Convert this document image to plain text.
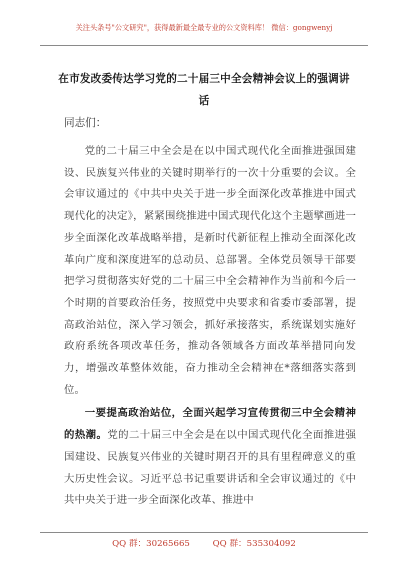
关注头条号"公文研究"，获得最新最全最专业的公文资料库！ 微信：gongwenyj
在市发改委传达学习党的二十届三中全会精神会议上的强调讲话
同志们：

党的二十届三中全会是在以中国式现代化全面推进强国建设、民族复兴伟业的关键时期举行的一次十分重要的会议。全会审议通过的《中共中央关于进一步全面深化改革推进中国式现代化的决定》，紧紧围绕推进中国式现代化这个主题擘画进一步全面深化改革战略举措，是新时代新征程上推动全面深化改革向广度和深度进军的总动员、总部署。全体党员领导干部要把学习贯彻落实好党的二十届三中全会精神作为当前和今后一个时期的首要政治任务，按照党中央要求和省委市委部署，提高政治站位，深入学习领会，抓好承接落实，系统谋划实施好政府系统各项改革任务，推动各领域各方面改革举措同向发力，增强改革整体效能，奋力推动全会精神在*落细落实落到位。

一要提高政治站位，全面兴起学习宣传贯彻三中全会精神的热潮。党的二十届三中全会是在以中国式现代化全面推进强国建设、民族复兴伟业的关键时期召开的具有里程碑意义的重大历史性会议。习近平总书记重要讲话和全会审议通过的《中共中央关于进一步全面深化改革、推进中

QQ 群：30265665	QQ 群：535304092
